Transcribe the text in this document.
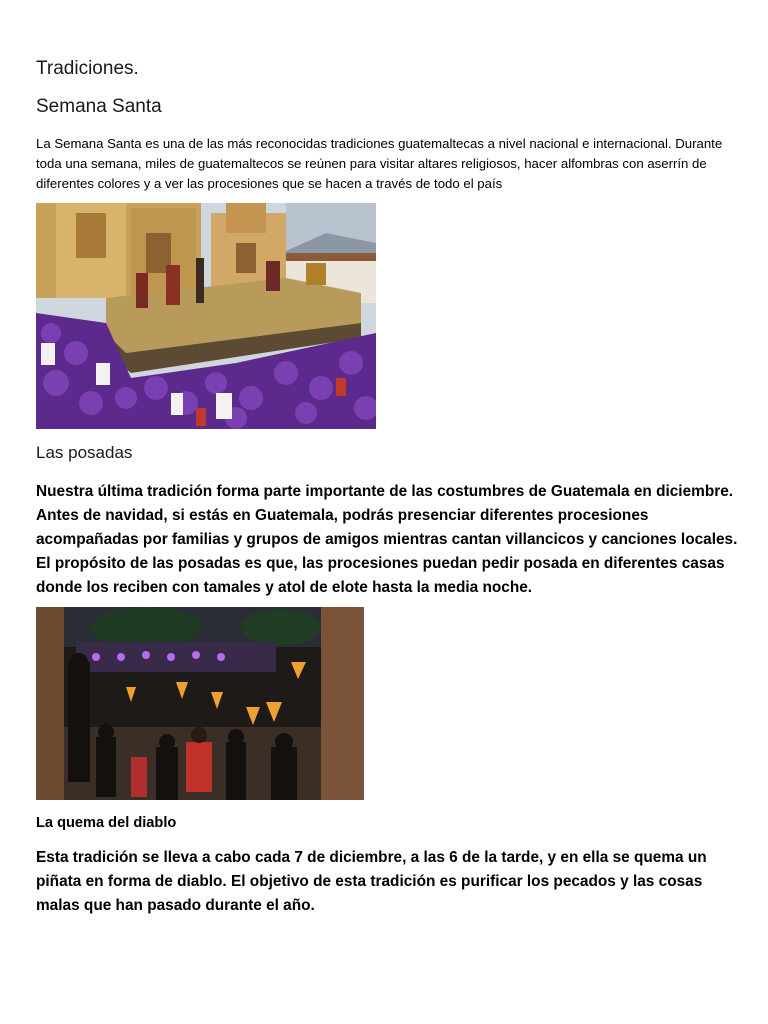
Tradiciones.
Semana Santa
La Semana Santa es una de las más reconocidas tradiciones guatemaltecas a nivel nacional e internacional. Durante toda una semana, miles de guatemaltecos se reúnen para visitar altares religiosos, hacer alfombras con aserrín de diferentes colores y a ver las procesiones que se hacen a través de todo el país
Las posadas
Nuestra última tradición forma parte importante de las costumbres de Guatemala en diciembre. Antes de navidad, si estás en Guatemala, podrás presenciar diferentes procesiones acompañadas por familias y grupos de amigos mientras cantan villancicos y canciones locales. El propósito de las posadas es que, las procesiones puedan pedir posada en diferentes casas donde los reciben con tamales y atol de elote hasta la media noche.
La quema del diablo
Esta tradición se lleva a cabo cada 7 de diciembre, a las 6 de la tarde, y en ella se quema un piñata en forma de diablo. El objetivo de esta tradición es purificar los pecados y las cosas malas que han pasado durante el año.
